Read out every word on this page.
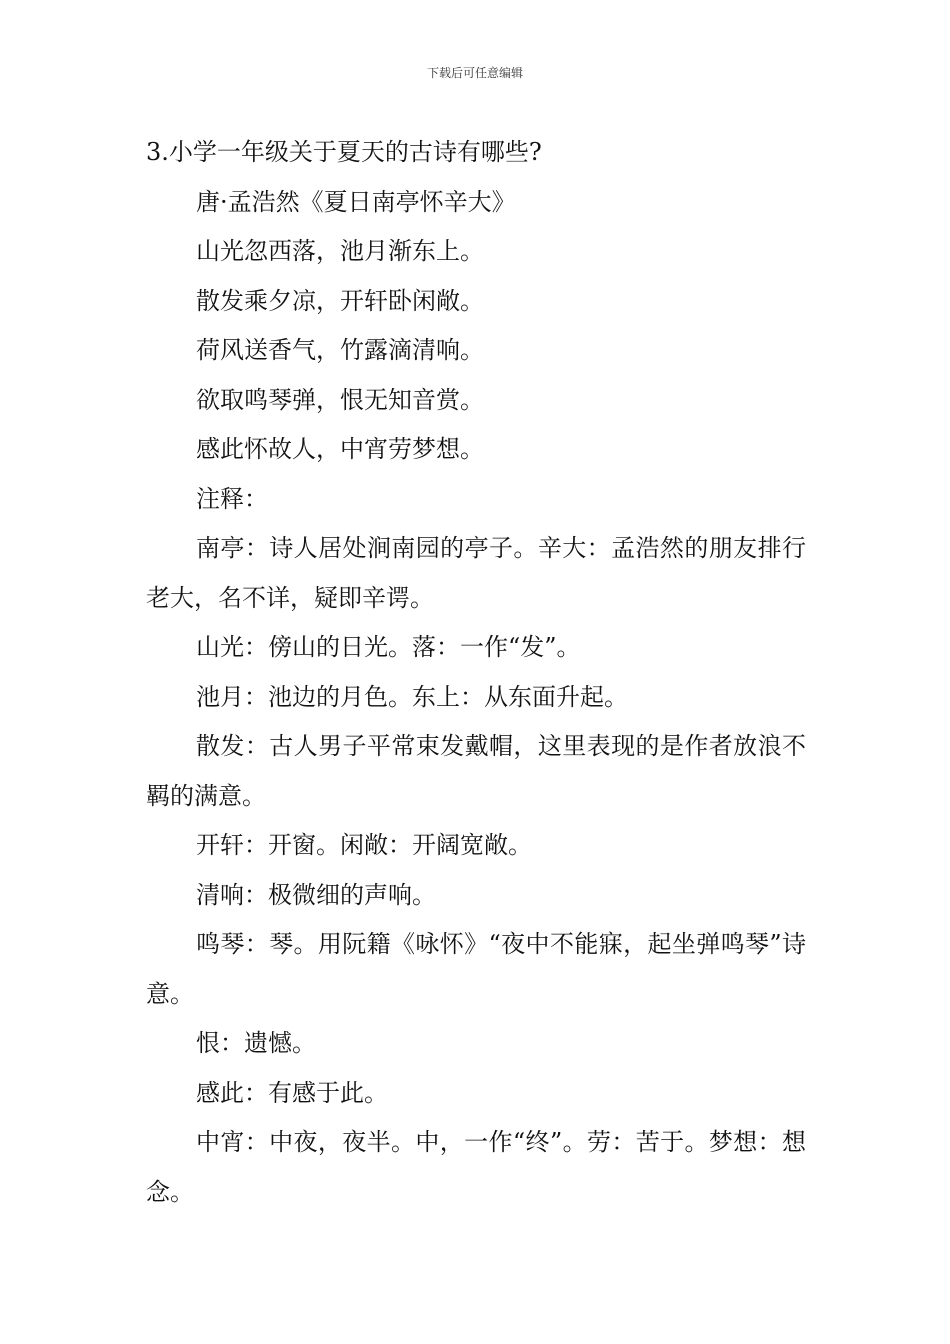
下载后可任意编辑

3.小学一年级关于夏天的古诗有哪些?

唐·孟浩然《夏日南亭怀辛大》

山光忽西落，池月渐东上。

散发乘夕凉，开轩卧闲敞。

荷风送香气，竹露滴清响。

欲取鸣琴弹，恨无知音赏。

感此怀故人，中宵劳梦想。

注释：

南亭：诗人居处涧南园的亭子。辛大：孟浩然的朋友排行老大，名不详，疑即辛谔。

山光：傍山的日光。落：一作“发”。

池月：池边的月色。东上：从东面升起。

散发：古人男子平常束发戴帽，这里表现的是作者放浪不羁的满意。

开轩：开窗。闲敞：开阔宽敞。

清响：极微细的声响。

鸣琴：琴。用阮籍《咏怀》“夜中不能寐，起坐弹鸣琴”诗意。

恨：遗憾。

感此：有感于此。

中宵：中夜，夜半。中，一作“终”。劳：苦于。梦想：想念。
